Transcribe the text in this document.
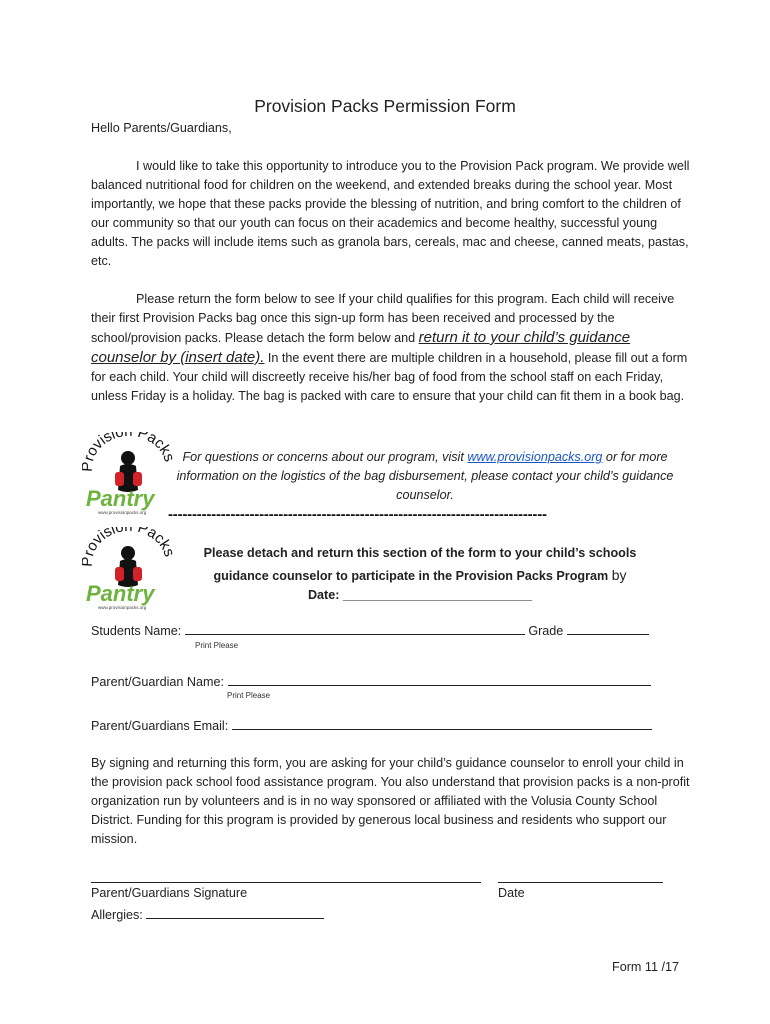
Provision Packs Permission Form
Hello Parents/Guardians,
I would like to take this opportunity to introduce you to the Provision Pack program. We provide well balanced nutritional food for children on the weekend, and extended breaks during the school year. Most importantly, we hope that these packs provide the blessing of nutrition, and bring comfort to the children of our community so that our youth can focus on their academics and become healthy, successful young adults. The packs will include items such as granola bars, cereals, mac and cheese, canned meats, pastas, etc.
Please return the form below to see If your child qualifies for this program. Each child will receive their first Provision Packs bag once this sign-up form has been received and processed by the school/provision packs. Please detach the form below and return it to your child’s guidance counselor by (insert date). In the event there are multiple children in a household, please fill out a form for each child. Your child will discreetly receive his/her bag of food from the school staff on each Friday, unless Friday is a holiday. The bag is packed with care to ensure that your child can fit them in a book bag.
rovisio Pack
Pantry
www.provisionpacks.org
For questions or concerns about our program, visit www.provisionpacks.org or for more information on the logistics of the bag disbursement, please contact your child’s guidance counselor.
-------------------------------------------------------------------------------
rovisio Pack
Pantry
www.provisionpacks.org
Please detach and return this section of the form to your child’s schools
guidance counselor to participate in the Provision Packs Program by
Date: ___________________________
Students Name:	Grade
Print Please
Parent/Guardian Name:
Print Please
Parent/Guardians Email:
By signing and returning this form, you are asking for your child’s guidance counselor to enroll your child in the provision pack school food assistance program. You also understand that provision packs is a non-profit organization run by volunteers and is in no way sponsored or affiliated with the Volusia County School District. Funding for this program is provided by generous local business and residents who support our mission.
Parent/Guardians Signature	Date
Allergies:
Form 11 /17
